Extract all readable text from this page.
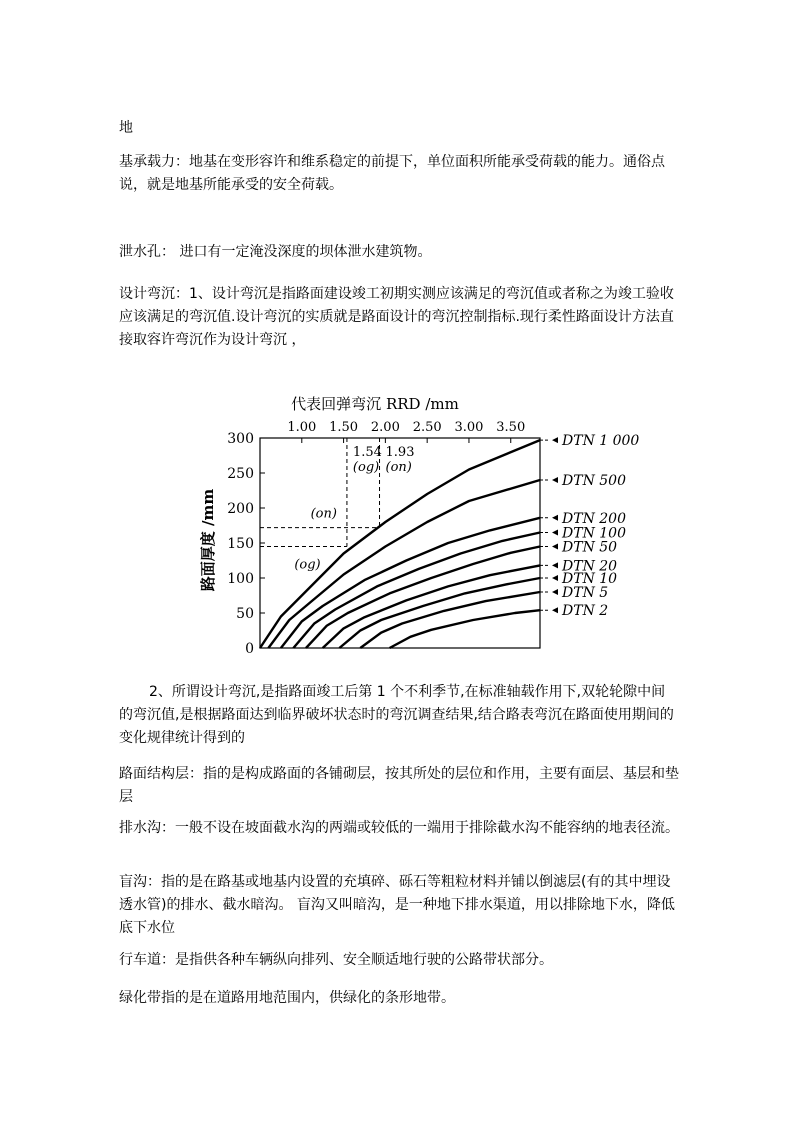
地

基承载力：地基在变形容许和维系稳定的前提下，单位面积所能承受荷载的能力。通俗点说，就是地基所能承受的安全荷载。

泄水孔： 进口有一定淹没深度的坝体泄水建筑物。

设计弯沉：1、设计弯沉是指路面建设竣工初期实测应该满足的弯沉值或者称之为竣工验收应该满足的弯沉值.设计弯沉的实质就是路面设计的弯沉控制指标.现行柔性路面设计方法直接取容许弯沉作为设计弯沉 ，

代表回弹弯沉 RRD /mm
路面厚度 /mm
1.00 1.50 2.00 2.50 3.00 3.50
0
50
100
150
200
250
300	DTN 1 000
DTN 500
DTN 200
DTN 100
DTN 50
DTN 20
DTN 10
DTN 5
DTN 2
1.54
(og)
(og)
1.93
(on)
(on)

2、所谓设计弯沉,是指路面竣工后第 1 个不利季节,在标准轴载作用下,双轮轮隙中间的弯沉值,是根据路面达到临界破坏状态时的弯沉调查结果,结合路表弯沉在路面使用期间的变化规律统计得到的

路面结构层：指的是构成路面的各铺砌层，按其所处的层位和作用，主要有面层、基层和垫层

排水沟：一般不设在坡面截水沟的两端或较低的一端用于排除截水沟不能容纳的地表径流。

盲沟：指的是在路基或地基内设置的充填碎、砾石等粗粒材料并铺以倒滤层(有的其中埋设透水管)的排水、截水暗沟。 盲沟又叫暗沟，是一种地下排水渠道，用以排除地下水，降低底下水位

行车道：是指供各种车辆纵向排列、安全顺适地行驶的公路带状部分。

绿化带指的是在道路用地范围内，供绿化的条形地带。
